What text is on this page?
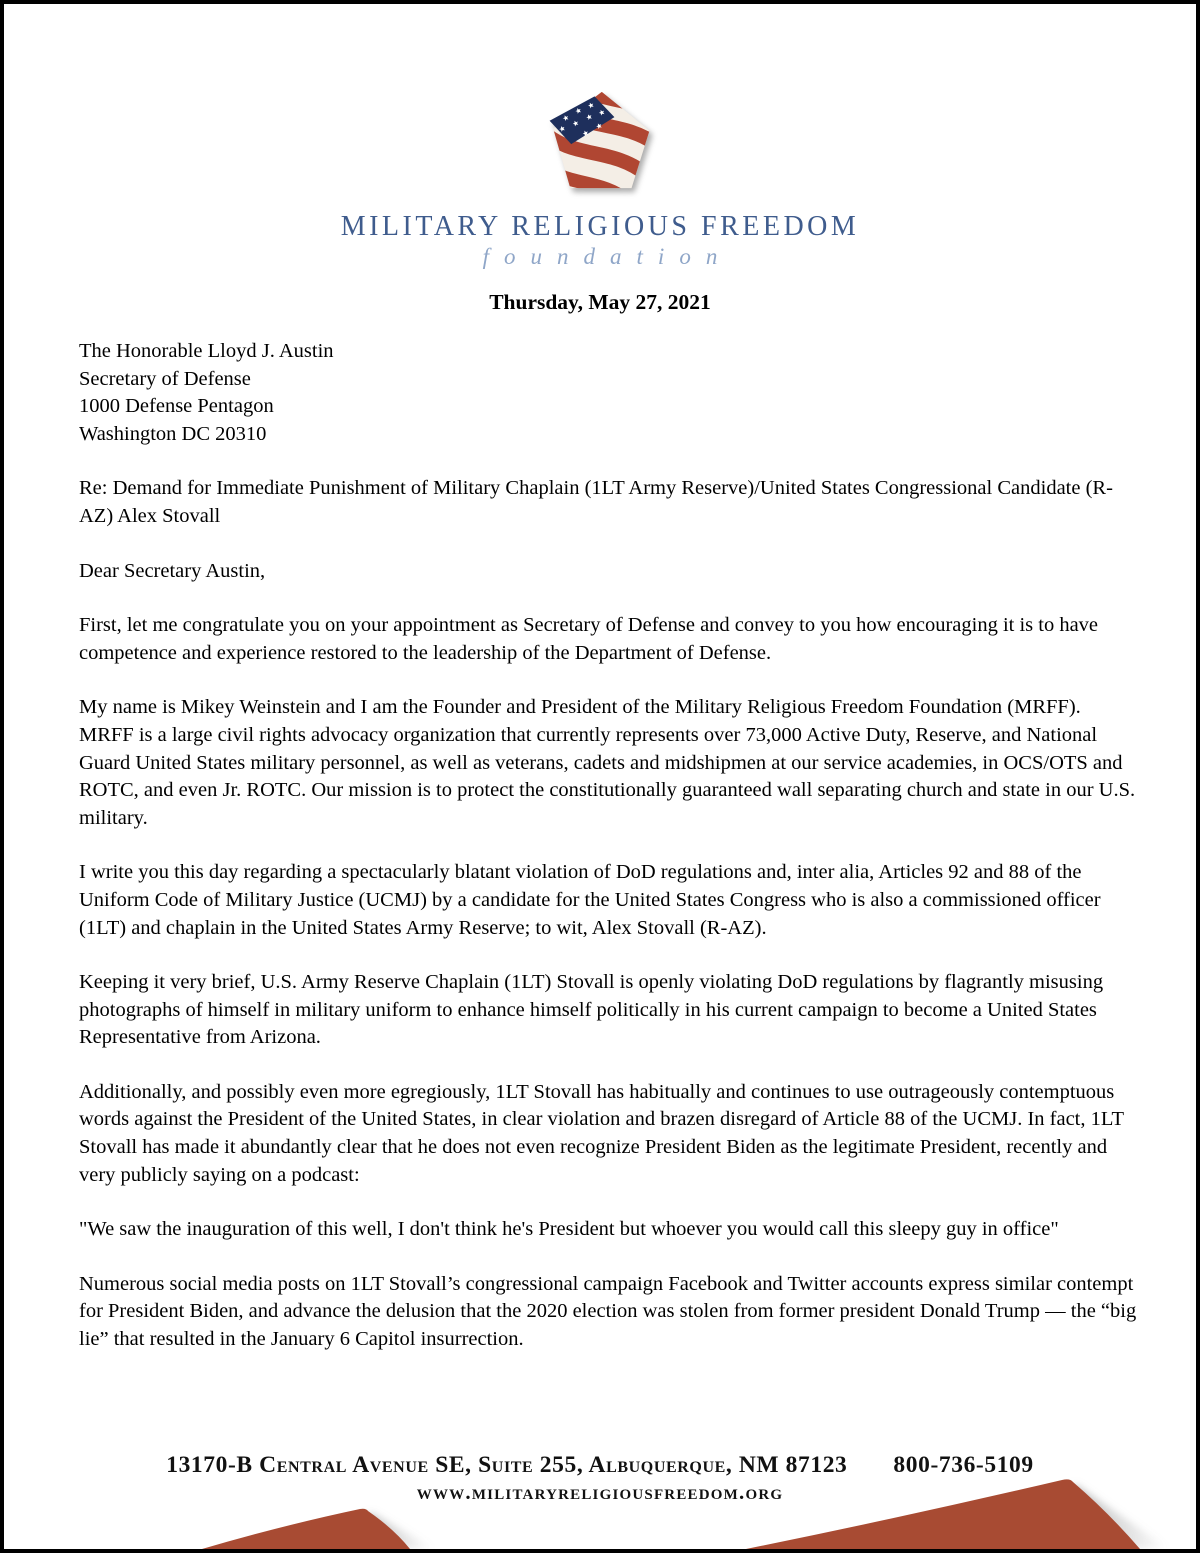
MILITARY RELIGIOUS FREEDOM
foundation
Thursday, May 27, 2021
The Honorable Lloyd J. Austin
Secretary of Defense
1000 Defense Pentagon
Washington DC 20310

Re: Demand for Immediate Punishment of Military Chaplain (1LT Army Reserve)/United States Congressional Candidate (R-AZ) Alex Stovall

Dear Secretary Austin,

First, let me congratulate you on your appointment as Secretary of Defense and convey to you how encouraging it is to have competence and experience restored to the leadership of the Department of Defense.

My name is Mikey Weinstein and I am the Founder and President of the Military Religious Freedom Foundation (MRFF). MRFF is a large civil rights advocacy organization that currently represents over 73,000 Active Duty, Reserve, and National Guard United States military personnel, as well as veterans, cadets and midshipmen at our service academies, in OCS/OTS and ROTC, and even Jr. ROTC. Our mission is to protect the constitutionally guaranteed wall separating church and state in our U.S. military.

I write you this day regarding a spectacularly blatant violation of DoD regulations and, inter alia, Articles 92 and 88 of the Uniform Code of Military Justice (UCMJ) by a candidate for the United States Congress who is also a commissioned officer (1LT) and chaplain in the United States Army Reserve; to wit, Alex Stovall (R-AZ).

Keeping it very brief, U.S. Army Reserve Chaplain (1LT) Stovall is openly violating DoD regulations by flagrantly misusing photographs of himself in military uniform to enhance himself politically in his current campaign to become a United States Representative from Arizona.

Additionally, and possibly even more egregiously, 1LT Stovall has habitually and continues to use outrageously contemptuous words against the President of the United States, in clear violation and brazen disregard of Article 88 of the UCMJ. In fact, 1LT Stovall has made it abundantly clear that he does not even recognize President Biden as the legitimate President, recently and very publicly saying on a podcast:

"We saw the inauguration of this well, I don't think he's President but whoever you would call this sleepy guy in office"

Numerous social media posts on 1LT Stovall’s congressional campaign Facebook and Twitter accounts express similar contempt for President Biden, and advance the delusion that the 2020 election was stolen from former president Donald Trump — the “big lie” that resulted in the January 6 Capitol insurrection.

13170-B Central Avenue SE, Suite 255, Albuquerque, NM 87123 800-736-5109
www.militaryreligiousfreedom.org
